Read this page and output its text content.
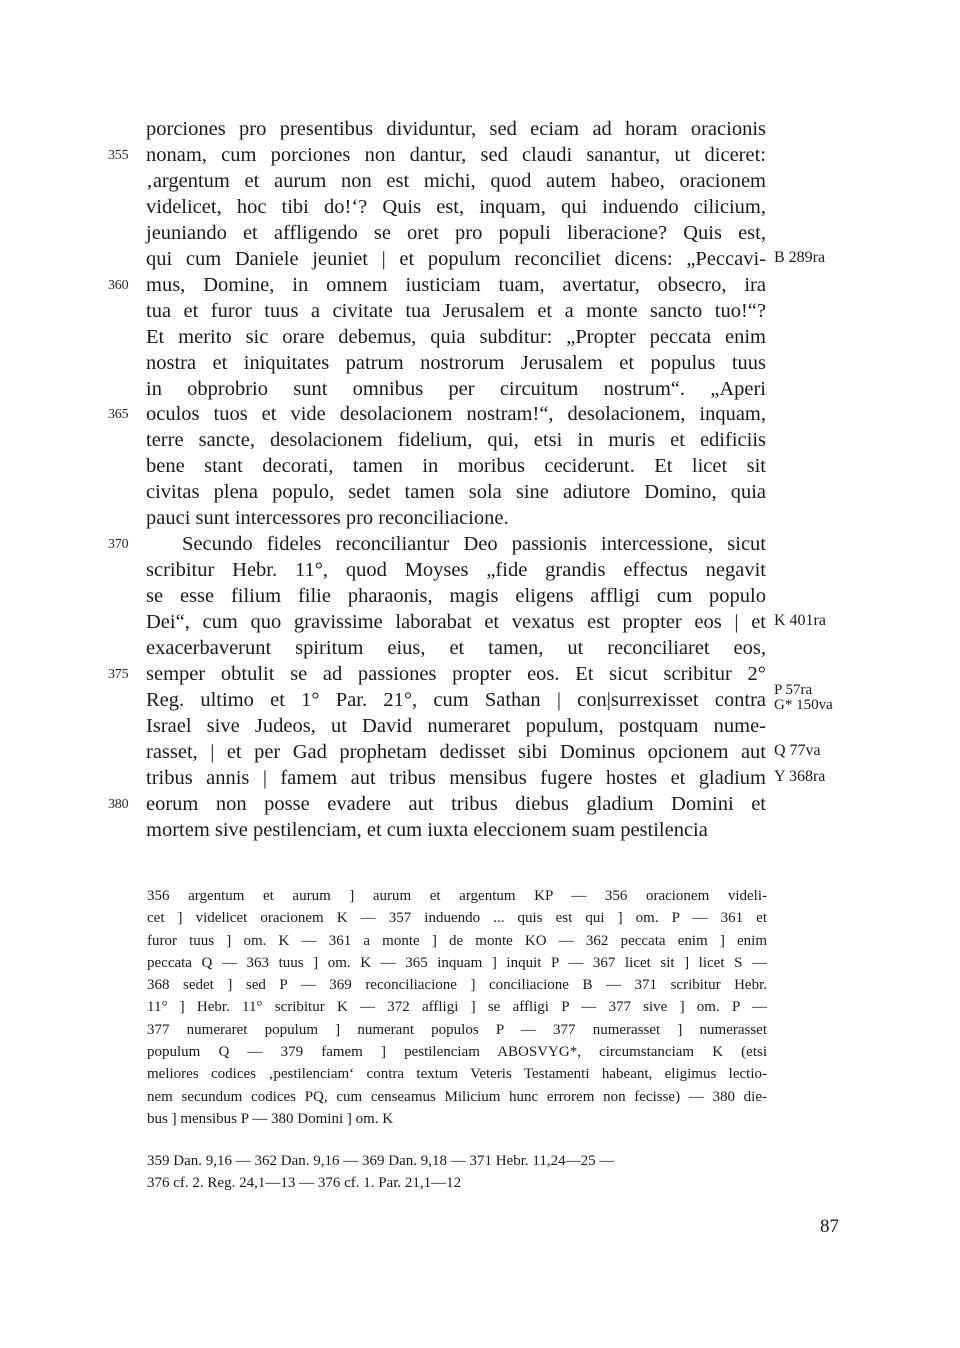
porciones pro presentibus dividuntur, sed eciam ad horam oracionis
355 nonam, cum porciones non dantur, sed claudi sanantur, ut diceret:
‚argentum et aurum non est michi, quod autem habeo, oracionem
videlicet, hoc tibi do!‘? Quis est, inquam, qui induendo cilicium,
jeuniando et affligendo se oret pro populi liberacione? Quis est,
qui cum Daniele jeuniet | et populum reconciliet dicens: „Peccavi- B 289ra
360 mus, Domine, in omnem iusticiam tuam, avertatur, obsecro, ira
tua et furor tuus a civitate tua Jerusalem et a monte sancto tuo!“?
Et merito sic orare debemus, quia subditur: „Propter peccata enim
nostra et iniquitates patrum nostrorum Jerusalem et populus tuus
in obprobrio sunt omnibus per circuitum nostrum“. „Aperi
365 oculos tuos et vide desolacionem nostram!“, desolacionem, inquam,
terre sancte, desolacionem fidelium, qui, etsi in muris et edificiis
bene stant decorati, tamen in moribus ceciderunt. Et licet sit
civitas plena populo, sedet tamen sola sine adiutore Domino, quia
pauci sunt intercessores pro reconciliacione.
370	Secundo fideles reconciliantur Deo passionis intercessione, sicut
scribitur Hebr. 11°, quod Moyses „fide grandis effectus negavit
se esse filium filie pharaonis, magis eligens affligi cum populo
Dei“, cum quo gravissime laborabat et vexatus est propter eos | et K 401ra
exacerbaverunt spiritum eius, et tamen, ut reconciliaret eos,
375 semper obtulit se ad passiones propter eos. Et sicut scribitur 2°
Reg. ultimo et 1° Par. 21°, cum Sathan | con|surrexisset contra P 57ra
G* 150va
Israel sive Judeos, ut David numeraret populum, postquam nume-
rasset, | et per Gad prophetam dedisset sibi Dominus opcionem aut Q 77va
tribus annis | famem aut tribus mensibus fugere hostes et gladium Y 368ra
380 eorum non posse evadere aut tribus diebus gladium Domini et
mortem sive pestilenciam, et cum iuxta eleccionem suam pestilencia
356 argentum et aurum ] aurum et argentum KP — 356 oracionem videli-
cet ] videlicet oracionem K — 357 induendo ... quis est qui ] om. P — 361 et
furor tuus ] om. K — 361 a monte ] de monte KO — 362 peccata enim ] enim
peccata Q — 363 tuus ] om. K — 365 inquam ] inquit P — 367 licet sit ] licet S —
368 sedet ] sed P — 369 reconciliacione ] conciliacione B — 371 scribitur Hebr.
11° ] Hebr. 11° scribitur K — 372 affligi ] se affligi P — 377 sive ] om. P —
377 numeraret populum ] numerant populos P — 377 numerasset ] numerasset
populum Q — 379 famem ] pestilenciam ABOSVYG*, circumstanciam K (etsi
meliores codices ‚pestilenciam‘ contra textum Veteris Testamenti habeant, eligimus lectio-
nem secundum codices PQ, cum censeamus Milicium hunc errorem non fecisse) — 380 die-
bus ] mensibus P — 380 Domini ] om. K
359 Dan. 9,16 — 362 Dan. 9,16 — 369 Dan. 9,18 — 371 Hebr. 11,24—25 —
376 cf. 2. Reg. 24,1—13 — 376 cf. 1. Par. 21,1—12
87
